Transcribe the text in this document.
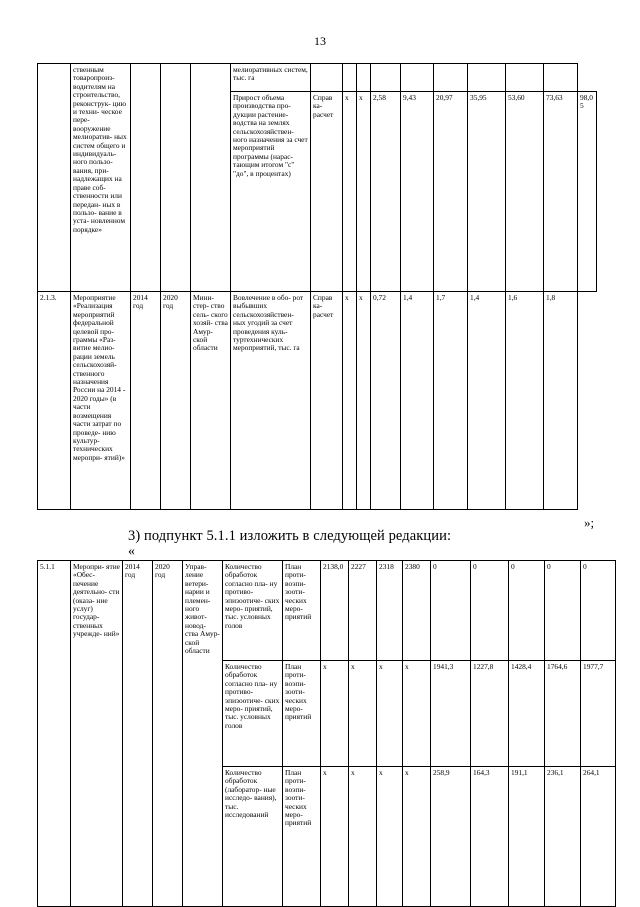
13
	ственным товаропроиз- водителям на строительство, реконструк- цию и техни- ческое пере- вооружение мелиоратив- ных систем общего и индивидуаль- ного пользо- вания, при- надлежащих на праве соб- ственности или передан- ных в пользо- вание в уста- новленном порядке»				мелиоративных систем, тыс. га										
					Прирост объема производства про- дукции растение- водства на землях сельскохозяйствен- ного назначения за счет мероприятий программы (нарас- тающим итогом "с" "до", в процентах)	Справ ка- расчет	х	х	2,58	9,43	20,97	35,95	53,60	73,63	98,05
2.1.3.	Мероприятие «Реализация мероприятий федеральной целевой про- граммы «Раз- витие мелио- рации земель сельскохозяй- ственного назначения России на 2014 - 2020 годы» (в части возмещения части затрат по проведе- нию культур- технических меропри- ятий)»	2014 год	2020 год	Мини- стер- ство сель- ского хозяй- ства Амур- ской области	Вовлечение в обо- рот выбывших сельскохозяйствен- ных угодий за счет проведения куль- туртехнических мероприятий, тыс. га	Справ ка- расчет	х	х	0,72	1,4	1,7	1,4	1,6	1,8	
»;
3) подпункт 5.1.1 изложить в следующей редакции:
«
5.1.1	Меропри- ятие «Обес- печение деятельно- сти (оказа- ние услуг) государ- ственных учрежде- ний»	2014 год	2020 год	Управ- ление ветери- нарии и племен- ного живот- новод- ства Амур- ской области	Количество обработок согласно пла- ну противо- эпизоотиче- ских меро- приятий, тыс. условных голов	План проти- воэпи- зооти- ческих меро- приятий	2138,0	2227	2318	2380	0	0	0	0	0
					Количество обработок согласно пла- ну противо- эпизоотиче- ских меро- приятий, тыс. условных голов	План проти- воэпи- зооти- ческих меро- приятий	х	х	х	х	1941,3	1227,8	1428,4	1764,6	1977,7
					Количество обработок (лаборатор- ные исследо- вания), тыс. исследований	План проти- воэпи- зооти- ческих меро- приятий	х	х	х	х	258,9	164,3	191,1	236,1	264,1
